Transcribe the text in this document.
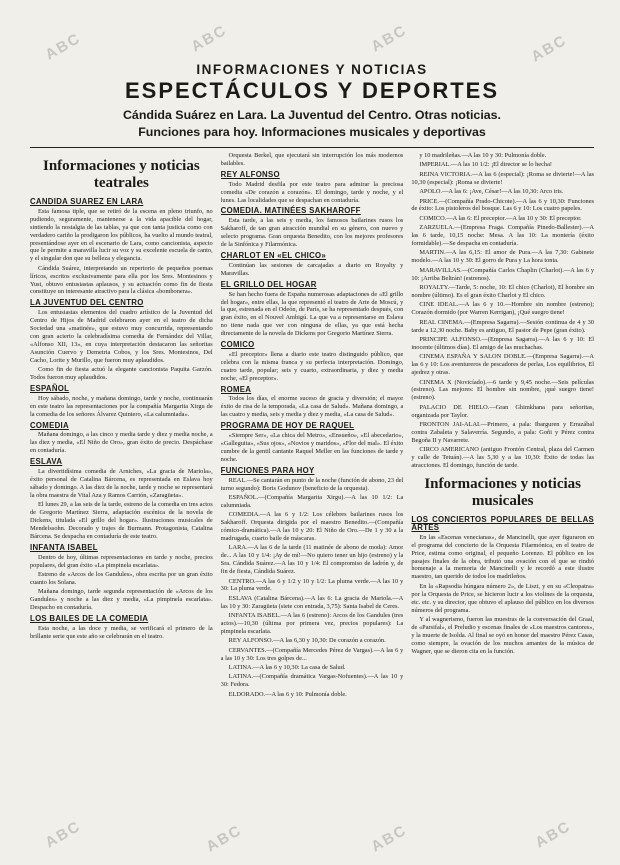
ABC	ABC	ABC	ABC
ABC	ABC	ABC	ABC
INFORMACIONES Y NOTICIAS
ESPECTÁCULOS Y DEPORTES
Cándida Suárez en Lara. La Juventud del Centro. Otras noticias.
Funciones para hoy. Informaciones musicales y deportivas
Informaciones y noticias teatrales
CANDIDA SUAREZ EN LARA

Esta famosa tiple, que se retiró de la escena en pleno triunfo, no pudiendo, seguramente, mantenerse a la vida apacible del hogar, sintiendo la nostalgia de las tablas, ya que con tanta justicia como con verdadero cariño la prodigaron los públicos, ha vuelto al mundo teatral, presentándose ayer en el escenario de Lara, como cancionista, aspecto que le permite a maravilla lucir su voz y su excelente escuela de canto, y el singular don que su belleza y elegancia.

Cándida Suárez, interpretando un repertorio de pequeños poemas líricos, escritos exclusivamente para ella por los Sres. Montesinos y Yust, obtuvo entusiastas aplausos, y su actuación como fin de fiesta constituye un interesante atractivo para la clásica «bombonera».

LA JUVENTUD DEL CENTRO

Los entusiastas elementos del cuadro artístico de la Juventud del Centro de Hijos de Madrid celebraron ayer en el teatro de dicha Sociedad una «matinée», que estuvo muy concurrida, representando con gran acierto la celebradísima comedia de Fernández del Villar, «Alfonso XII, 13», en cuya interpretación destacaron las señoritas Asunción Cuervo y Demetria Cobos, y los Sres. Montesinos, Del Cacho, Lorite y Murillo, que fueron muy aplaudidos.

Como fin de fiesta actuó la elegante cancionista Paquita Garzón. Todos fueron muy aplaudidos.

ESPAÑOL

Hoy sábado, noche, y mañana domingo, tarde y noche, continuarán en este teatro las representaciones por la compañía Margarita Xirgu de la comedia de los señores Álvarez Quintero, «La calumniada».

COMEDIA

Mañana domingo, a las cinco y media tarde y diez y media noche, a las diez y media, «El Niño de Oro», gran éxito de precio. Despáchase en contaduría.

ESLAVA

La divertidísima comedia de Arniches, «La gracia de Mariola», éxito personal de Catalina Bárcena, es representada en Eslava hoy sábado y domingo. A las diez de la noche, tarde y noche se representará la obra maestra de Vital Aza y Ramos Carrión, «Zaragüeta».

El lunes 29, a las seis de la tarde, estreno de la comedia en tres actos de Gregorio Martínez Sierra, adaptación escénica de la novela de Dickens, titulada «El grillo del hogar». Ilustraciones musicales de Mendelssohn. Decorado y trajes de Burmann. Protagonista, Catalina Bárcena. Se despacha en contaduría de este teatro.

INFANTA ISABEL

Dentro de hoy, últimas representaciones en tarde y noche, precios populares, del gran éxito «La pimpinela escarlata».

Estreno de «Arcos de los Gandules», obra escrita por un gran éxito cuanto los Solana.

Mañana domingo, tarde segunda representación de «Arcos de los Gandules» y noche a las diez y media, «La pimpinela escarlata». Despacho en contaduría.

LOS BAILES DE LA COMEDIA

Esta noche, a las doce y media, se verificará el primero de la brillante serie que este año se celebrarán en el teatro.

Orquesta Berkel, que ejecutará sin interrupción los más modernos bailables.

REY ALFONSO

Todo Madrid desfila por este teatro para admirar la preciosa comedia «De corazón a corazón». El domingo, tarde y noche, y el lunes. Las localidades que se despachan en contaduría.

COMEDIA. MATINÉES SAKHAROFF

Esta tarde, a las seis y media, los famosos bailarines rusos los Sakharoff, de tan gran atracción mundial en su género, con nuevo y selecto programa. Gran orquesta Benedito, con los mejores profesores de la Sinfónica y Filarmónica.

CHARLOT EN «EL CHICO»

Continúan las sesiones de carcajadas a diario en Royalty y Maravillas.

EL GRILLO DEL HOGAR

Se han hecho fuera de España numerosas adaptaciones de «El grillo del hogar», entre ellas, la que representó el teatro de Arte de Moscú, y la que, estrenada en el Odeón, de París, se ha representado después, con gran éxito, en el Nouvel Ambigú. La que va a representarse en Eslava no tiene nada que ver con ninguna de ellas, ya que está hecha directamente de la novela de Dickens por Gregorio Martínez Sierra.

COMICO

«El preceptor» llena a diario este teatro distinguido público, que celebra con la misma franca y su perfecta interpretación. Domingo, cuatro tarde, popular; seis y cuarto, extraordinaria, y diez y media noche, «El preceptor».

ROMEA

Todos los días, el enorme suceso de gracia y diversión; el mayor éxito de risa de la temporada, «La casa de Salud». Mañana domingo, a las cuatro y media, seis y media y diez y media, «La casa de Salud».

PROGRAMA DE HOY DE RAQUEL

«Siempre Ser», «La chica del Metro», «Ensueño», «El abecedario», «Galleguita», «Sus ojos», «Novios y maridos», «Flor del mal». El éxito cumbre de la gentil cantante Raquel Meller en las funciones de tarde y noche.

FUNCIONES PARA HOY

REAL.—Se cantarán en punto de la noche (función de abono, 23 del turno segundo): Boris Godunov (beneficio de la orquesta).

ESPAÑOL.—(Compañía Margarita Xirgu).—A las 10 1/2: La calumniada.

COMEDIA.—A las 6 y 1/2: Los célebres bailarines rusos los Sakharoff. Orquesta dirigida por el maestro Benedito.—(Compañía cómico-dramática).—A las 10 y 20: El Niño de Oro.—De 1 y 30 a la madrugada, cuarto baile de máscaras.

LARA.—A las 6 de la tarde (11 matinée de abono de moda): Amor de... A las 10 y 1/4: ¡Ay de mí!—No quiero tener un hijo (estreno) y la Sra. Cándida Suárez.—A las 10 y 1/4: El compromiso de ladrón y, de fin de fiesta, Cándida Suárez.

CENTRO.—A las 6 y 1/2 y 10 y 1/2: La pluma verde.—A las 10 y 30: La pluma verde.

ESLAVA (Catalina Bárcena).—A las 6: La gracia de Mariola.—A las 10 y 30: Zaragüeta (siete con entrada, 3,75): Santa Isabel de Ceres.

INFANTA ISABEL.—A las 6 (estreno): Arcos de los Gandules (tres actos).—10,30 (última por primera vez, precios populares): La pimpinela escarlata.

REY ALFONSO.—A las 6,30 y 10,30: De corazón a corazón.

CERVANTES.—(Compañía Mercedes Pérez de Vargas).—A las 6 y a las 10 y 30: Los tres golpes de...

LATINA.—A las 6 y 10,30: La casa de Salud.

LATINA.—(Compañía dramática Vargas-Nofuentes).—A las 10 y 30: Fedora.

ELDORADO.—A las 6 y 10: Pulmonía doble.

y 10 madrileñas.—A las 10 y 30: Pulmonía doble.

IMPERIAL.—A las 10 1/2: ¡El director se lo hecha!

REINA VICTORIA.—A las 6 (especial): ¡Roma se divierte!—A las 10,30 (especial): ¡Roma se divierte!

APOLO.—A las 6: ¡Ave, César!—A las 10,30: Arco iris.

PRICE.—(Compañía Prado-Chicote).—A las 6 y 10,30: Funciones de éxito: Los pistoleros del bosque. Las 6 y 10: Los cuatro papeles.

COMICO.—A las 6: El preceptor.—A las 10 y 30: El preceptor.

ZARZUELA.—(Empresa Fraga. Compañía Pinedo-Ballester).—A las 6 tarde, 10,15 noche: Mesa. A las 10: La montería (éxito formidable).—Se despacha en contaduría.

MARTIN.—A las 6,15: El amor de Pura.—A las 7,30: Gabinete modelo.—A las 10 y 30: El gorro de Pura y La hora tonta.

MARAVILLAS.—(Compañía Carlos Chaplin (Charlot).—A las 6 y 10: ¡Arriba Beltrán! (estrenos).

ROYALTY.—Tarde, 5: noche, 10: El chico (Charlot), El hombre sin nombre (último). Es el gran éxito Charlot y El chico.

CINE IDEAL.—A las 6 y 10.—Hombre sin nombre (estreno); Corazón dormido (por Warren Kerrigan), ¡Qué suegro tiene!

REAL CINEMA.—(Empresa Sagarra).—Sesión continua de 4 y 30 tarde a 12,30 noche. Baby es antiguo, El pastor de Pepe (gran éxito).

PRINCIPE ALFONSO.—(Empresa Sagarra).—A las 6 y 10: El inocente (últimos días). El amigo de las muchachas.

CINEMA ESPAÑA Y SALON DOBLE.—(Empresa Sagarra).—A las 6 y 10: Los aventureros de pescadores de perlas, Los equilibrios, El ajedrez y otras.

CINEMA X (Novicíado).—6 tarde y 9,45 noche.—Seis películas (estreno). Las mejores: El hombre sin nombre, ¡qué suegro tiene! (estreno).

PALACIO DE HIELO.—Gran Ghimkhana para señoritas, organizada por Taylor.

FRONTON JAI-ALAI.—Primero, a pala: Ibarguren y Errazábal contra Zabaleta y Salaverría. Segundo, a pala: Goñi y Pérez contra Begoña II y Navarrete.

CIRCO AMERICANO (antiguo Frontón Central, plaza del Carmen y calle de Tetuán).—A las 5,30 y a las 10,30: Éxito de todas las atracciones. El domingo, función de tarde.

Informaciones y noticias musicales
LOS CONCIERTOS POPULARES DE BELLAS ARTES

En las «Escenas venecianas», de Mancinelli, que ayer figuraron en el programa del concierto de la Orquesta Filarmónica, en el teatro de Price, estima como original, el pequeño Lorenzo. El público en los pasajes finales de la obra, tributó una ovación con el que se rindió homenaje a la memoria de Mancinelli y le recordó a este ilustre maestro, tan querido de todos los madrileños.

En la «Rapsodia húngara número 2», de Liszt, y en su «Cleopatra» por la Orquesta de Price, se hicieron lucir a los violines de la orquesta, etc. etc. y su director, que obtuvo el aplauso del público en los diversos números del programa.

Y al wagnerismo, fueron las muestras de la conversación del Graal, de «Parsifal», el Preludio y escenas finales de «Los maestros cantores», y la muerte de Isolda. Al final se oyó en honor del maestro Pérez Casas, como siempre, la ovación de los muchos amantes de la música de Wagner, que se dieron cita en la función.
